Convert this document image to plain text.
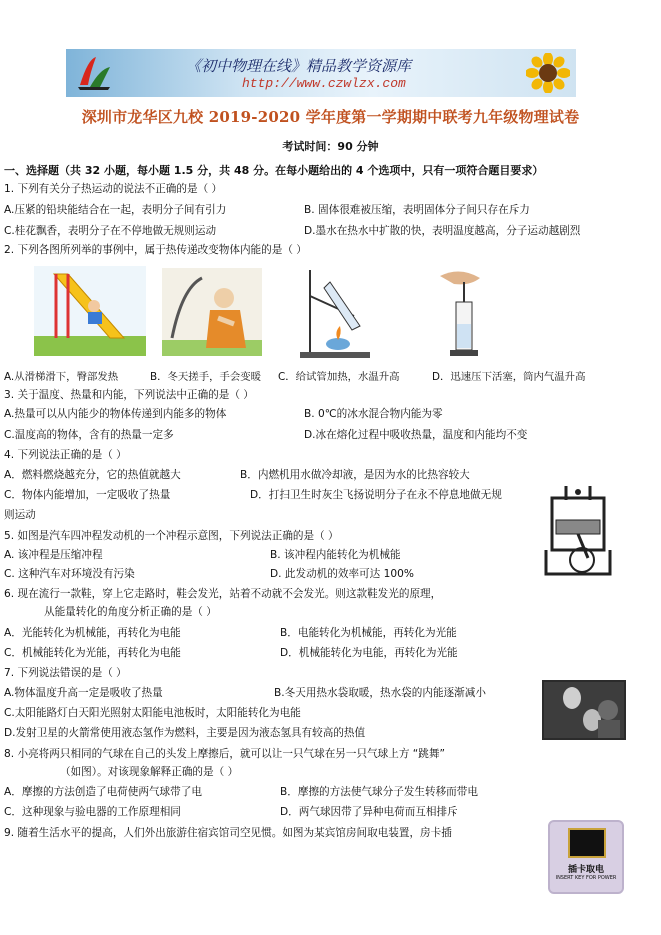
《初中物理在线》精品教学资源库
http://www.czwlzx.com
深圳市龙华区九校 2019-2020 学年度第一学期期中联考九年级物理试卷
考试时间：90 分钟
一、选择题（共 32 小题，每小题 1.5 分，共 48 分。在每小题给出的 4 个选项中，只有一项符合题目要求）
1. 下列有关分子热运动的说法不正确的是（ ）
A.压紧的铅块能结合在一起，表明分子间有引力	B. 固体很难被压缩，表明固体分子间只存在斥力
C.桂花飘香，表明分子在不停地做无规则运动	D.墨水在热水中扩散的快，表明温度越高，分子运动越剧烈
2. 下列各图所列举的事例中，属于热传递改变物体内能的是（ ）
A.从滑梯滑下，臀部发热	B．冬天搓手，手会变暖 C．给试管加热，水温升高	D．迅速压下活塞，筒内气温升高
3. 关于温度、热量和内能，下列说法中正确的是（ ）
A.热量可以从内能少的物体传递到内能多的物体	B. 0℃的冰水混合物内能为零
C.温度高的物体，含有的热量一定多	D.冰在熔化过程中吸收热量，温度和内能均不变
4. 下列说法正确的是（ ）
A．燃料燃烧越充分，它的热值就越大	B．内燃机用水做冷却液，是因为水的比热容较大
C．物体内能增加，一定吸收了热量	D．打扫卫生时灰尘飞扬说明分子在永不停息地做无规
则运动
5. 如图是汽车四冲程发动机的一个冲程示意图，下列说法正确的是（ ）
A. 该冲程是压缩冲程	B. 该冲程内能转化为机械能
C. 这种汽车对环境没有污染	D. 此发动机的效率可达 100%
6. 现在流行一款鞋，穿上它走路时，鞋会发光，站着不动就不会发光。则这款鞋发光的原理，
从能量转化的角度分析正确的是（ ）
A．光能转化为机械能，再转化为电能	B．电能转化为机械能，再转化为光能
C．机械能转化为光能，再转化为电能	D．机械能转化为电能，再转化为光能
7. 下列说法错误的是（ ）
A.物体温度升高一定是吸收了热量	B.冬天用热水袋取暖，热水袋的内能逐渐减小
C.太阳能路灯白天阳光照射太阳能电池板时，太阳能转化为电能
D.发射卫星的火箭常使用液态氢作为燃料，主要是因为液态氢具有较高的热值
8. 小亮将两只相同的气球在自己的头发上摩擦后，就可以让一只气球在另一只气球上方 “跳舞”
（如图）。对该现象解释正确的是（ ）
A．摩擦的方法创造了电荷使两气球带了电	B．摩擦的方法使气球分子发生转移而带电
C．这种现象与验电器的工作原理相同	D．两气球因带了异种电荷而互相排斥
9. 随着生活水平的提高，人们外出旅游住宿宾馆司空见惯。如图为某宾馆房间取电装置，房卡插
插卡取电
INSERT KEY FOR POWER
